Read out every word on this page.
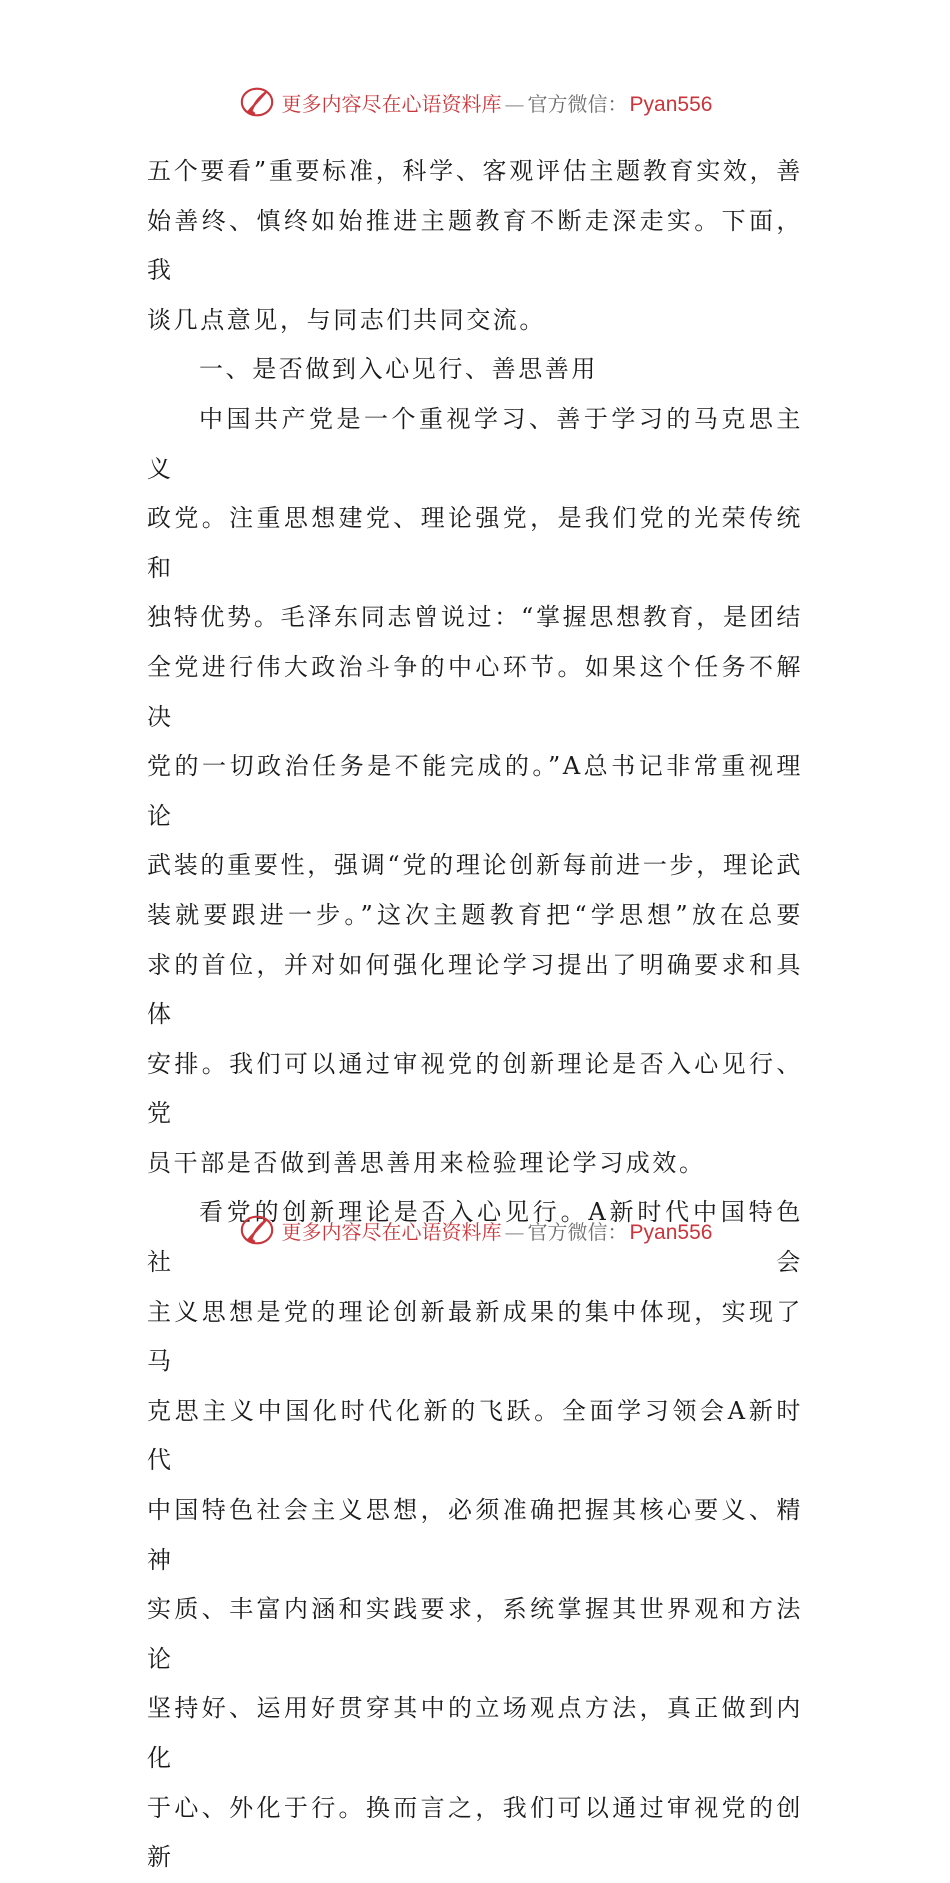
更多内容尽在心语资料库 — 官方微信： Pyan556

五个要看”重要标准，科学、客观评估主题教育实效，善

始善终、慎终如始推进主题教育不断走深走实。下面，我

谈几点意见，与同志们共同交流。

一、是否做到入心见行、善思善用

中国共产党是一个重视学习、善于学习的马克思主义

政党。注重思想建党、理论强党，是我们党的光荣传统和

独特优势。毛泽东同志曾说过：“掌握思想教育，是团结

全党进行伟大政治斗争的中心环节。如果这个任务不解决

党的一切政治任务是不能完成的。”A总书记非常重视理论

武装的重要性，强调“党的理论创新每前进一步，理论武

装就要跟进一步。”这次主题教育把“学思想”放在总要

求的首位，并对如何强化理论学习提出了明确要求和具体

安排。我们可以通过审视党的创新理论是否入心见行、党

员干部是否做到善思善用来检验理论学习成效。

看党的创新理论是否入心见行。A新时代中国特色社会

主义思想是党的理论创新最新成果的集中体现，实现了马

克思主义中国化时代化新的飞跃。全面学习领会A新时代

中国特色社会主义思想，必须准确把握其核心要义、精神

实质、丰富内涵和实践要求，系统掌握其世界观和方法论

坚持好、运用好贯穿其中的立场观点方法，真正做到内化

于心、外化于行。换而言之，我们可以通过审视党的创新

更多内容尽在心语资料库 — 官方微信： Pyan556
